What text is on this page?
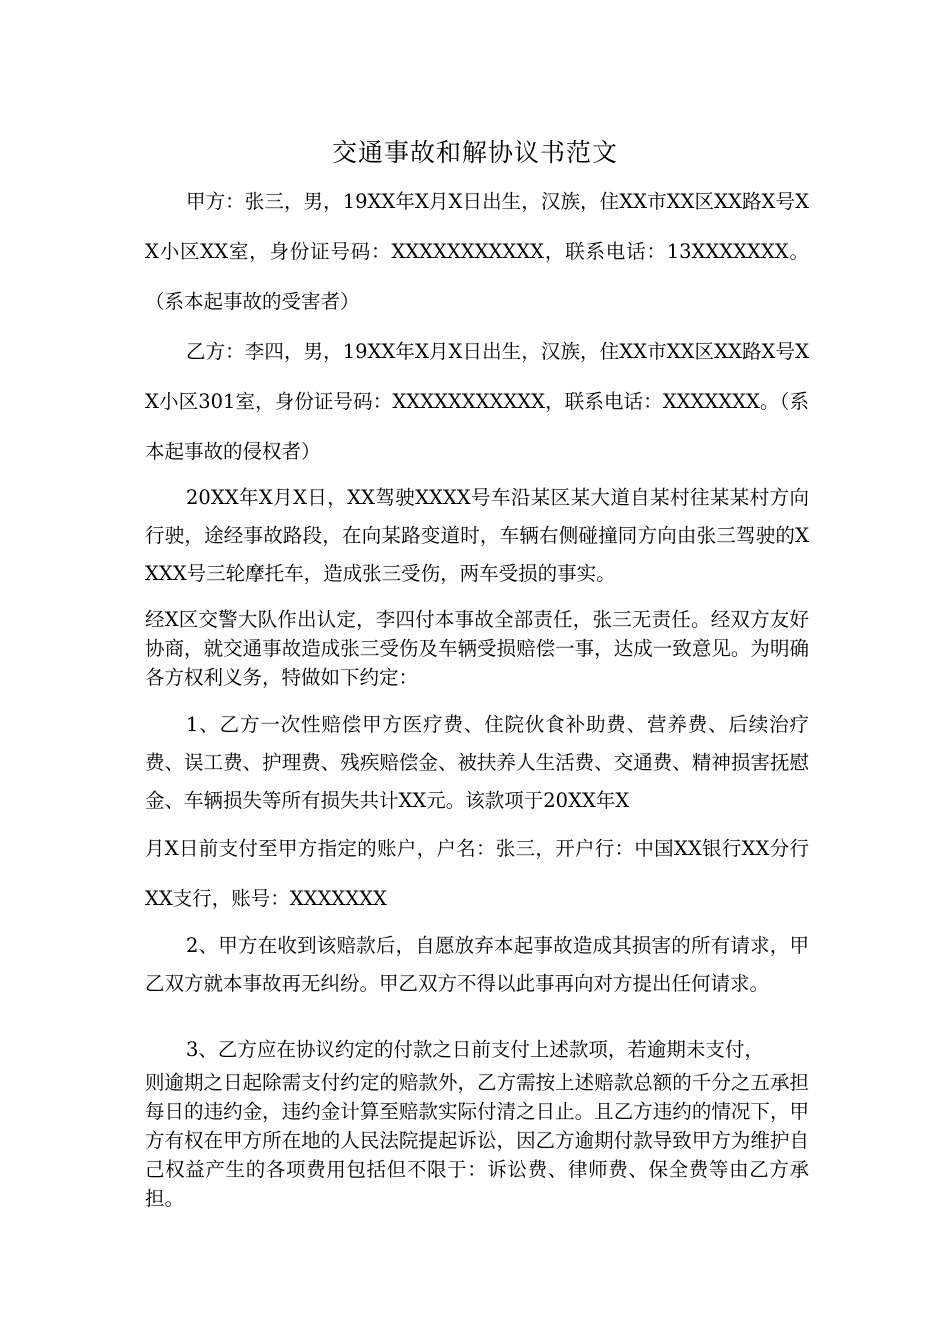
交通事故和解协议书范文
甲方：张三，男，19XX年X月X日出生，汉族，住XX市XX区XX路X号XX小区XX室，身份证号码：XXXXXXXXXXX，联系电话：13XXXXXXX。（系本起事故的受害者）
乙方：李四，男，19XX年X月X日出生，汉族，住XX市XX区XX路X号XX小区301室，身份证号码：XXXXXXXXXXX，联系电话：XXXXXXX。（系本起事故的侵权者）
20XX年X月X日，XX驾驶XXXX号车沿某区某大道自某村往某某村方向行驶，途经事故路段，在向某路变道时，车辆右侧碰撞同方向由张三驾驶的XXXX号三轮摩托车，造成张三受伤，两车受损的事实。
经X区交警大队作出认定，李四付本事故全部责任，张三无责任。经双方友好协商，就交通事故造成张三受伤及车辆受损赔偿一事，达成一致意见。为明确各方权利义务，特做如下约定：
1、乙方一次性赔偿甲方医疗费、住院伙食补助费、营养费、后续治疗费、误工费、护理费、残疾赔偿金、被扶养人生活费、交通费、精神损害抚慰金、车辆损失等所有损失共计XX元。该款项于20XX年X
月X日前支付至甲方指定的账户，户名：张三，开户行：中国XX银行XX分行XX支行，账号：XXXXXXX
2、甲方在收到该赔款后，自愿放弃本起事故造成其损害的所有请求，甲乙双方就本事故再无纠纷。甲乙双方不得以此事再向对方提出任何请求。
3、乙方应在协议约定的付款之日前支付上述款项，若逾期未支付，
则逾期之日起除需支付约定的赔款外，乙方需按上述赔款总额的千分之五承担每日的违约金，违约金计算至赔款实际付清之日止。且乙方违约的情况下，甲方有权在甲方所在地的人民法院提起诉讼，因乙方逾期付款导致甲方为维护自己权益产生的各项费用包括但不限于：诉讼费、律师费、保全费等由乙方承担。
